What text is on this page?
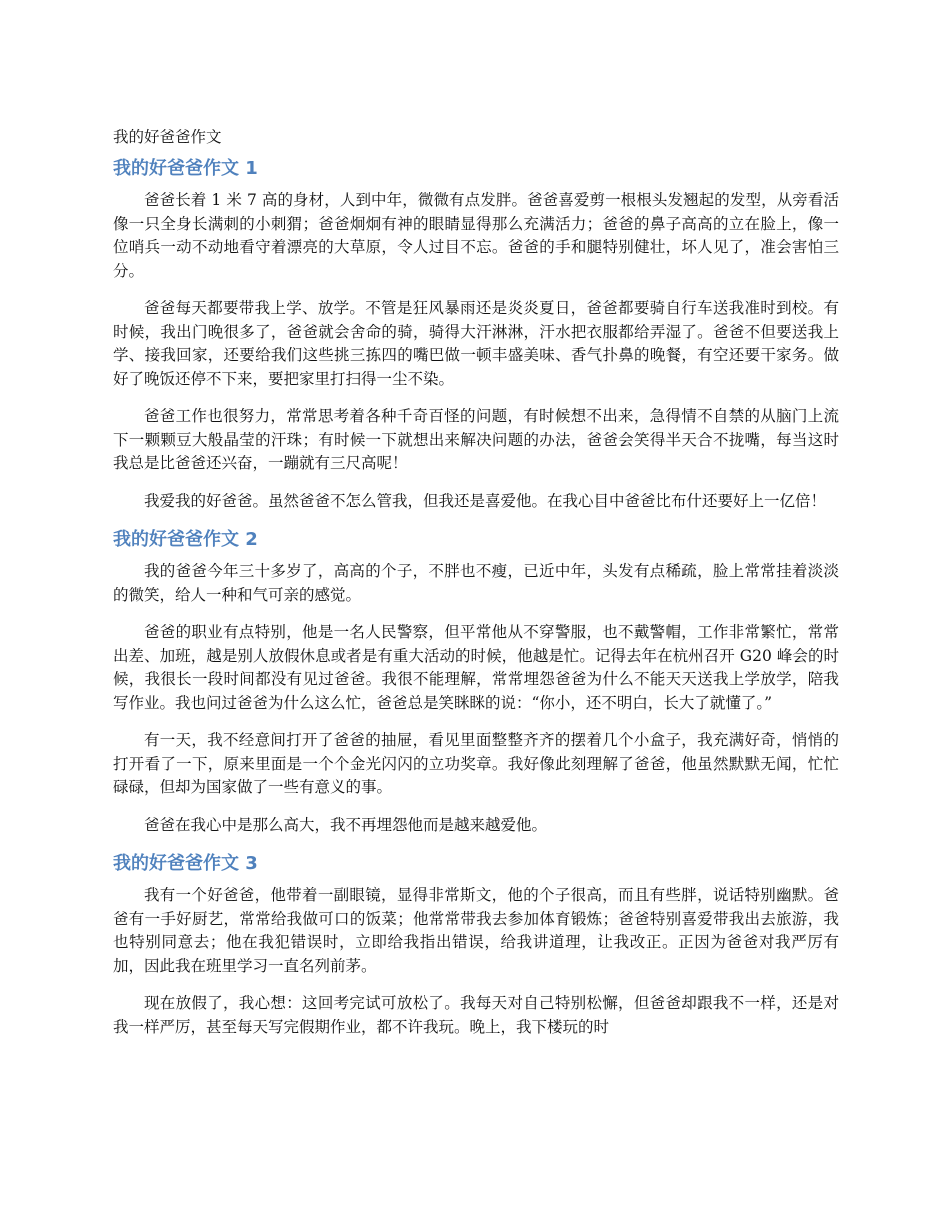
我的好爸爸作文
我的好爸爸作文 1

爸爸长着 1 米 7 高的身材，人到中年，微微有点发胖。爸爸喜爱剪一根根头发翘起的发型，从旁看活像一只全身长满刺的小刺猬；爸爸炯炯有神的眼睛显得那么充满活力；爸爸的鼻子高高的立在脸上，像一位哨兵一动不动地看守着漂亮的大草原，令人过目不忘。爸爸的手和腿特别健壮，坏人见了，准会害怕三分。

爸爸每天都要带我上学、放学。不管是狂风暴雨还是炎炎夏日，爸爸都要骑自行车送我准时到校。有时候，我出门晚很多了，爸爸就会舍命的骑，骑得大汗淋淋，汗水把衣服都给弄湿了。爸爸不但要送我上学、接我回家，还要给我们这些挑三拣四的嘴巴做一顿丰盛美味、香气扑鼻的晚餐，有空还要干家务。做好了晚饭还停不下来，要把家里打扫得一尘不染。

爸爸工作也很努力，常常思考着各种千奇百怪的问题，有时候想不出来，急得情不自禁的从脑门上流下一颗颗豆大般晶莹的汗珠；有时候一下就想出来解决问题的办法，爸爸会笑得半天合不拢嘴，每当这时我总是比爸爸还兴奋，一蹦就有三尺高呢！

我爱我的好爸爸。虽然爸爸不怎么管我，但我还是喜爱他。在我心目中爸爸比布什还要好上一亿倍！

我的好爸爸作文 2

我的爸爸今年三十多岁了，高高的个子，不胖也不瘦，已近中年，头发有点稀疏，脸上常常挂着淡淡的微笑，给人一种和气可亲的感觉。

爸爸的职业有点特别，他是一名人民警察，但平常他从不穿警服，也不戴警帽，工作非常繁忙，常常出差、加班，越是别人放假休息或者是有重大活动的时候，他越是忙。记得去年在杭州召开 G20 峰会的时候，我很长一段时间都没有见过爸爸。我很不能理解，常常埋怨爸爸为什么不能天天送我上学放学，陪我写作业。我也问过爸爸为什么这么忙，爸爸总是笑眯眯的说：“你小，还不明白，长大了就懂了。”

有一天，我不经意间打开了爸爸的抽屉，看见里面整整齐齐的摆着几个小盒子，我充满好奇，悄悄的打开看了一下，原来里面是一个个金光闪闪的立功奖章。我好像此刻理解了爸爸，他虽然默默无闻，忙忙碌碌，但却为国家做了一些有意义的事。

爸爸在我心中是那么高大，我不再埋怨他而是越来越爱他。

我的好爸爸作文 3

我有一个好爸爸，他带着一副眼镜，显得非常斯文，他的个子很高，而且有些胖，说话特别幽默。爸爸有一手好厨艺，常常给我做可口的饭菜；他常常带我去参加体育锻炼；爸爸特别喜爱带我出去旅游，我也特别同意去；他在我犯错误时，立即给我指出错误，给我讲道理，让我改正。正因为爸爸对我严厉有加，因此我在班里学习一直名列前茅。

现在放假了，我心想：这回考完试可放松了。我每天对自己特别松懈，但爸爸却跟我不一样，还是对我一样严厉，甚至每天写完假期作业，都不许我玩。晚上，我下楼玩的时
